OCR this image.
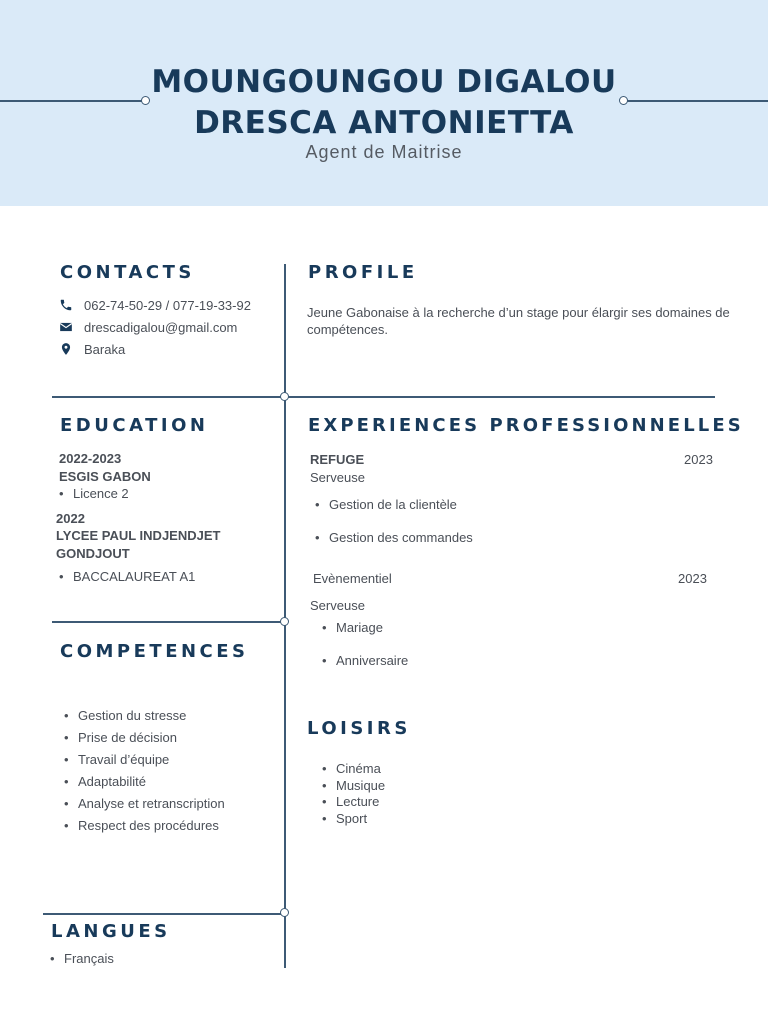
MOUNGOUNGOU DIGALOU
DRESCA ANTONIETTA
Agent de Maitrise
CONTACTS
062-74-50-29 / 077-19-33-92
drescadigalou@gmail.com
Baraka
PROFILE
Jeune Gabonaise à la recherche d’un stage pour élargir ses domaines de
compétences.
EDUCATION
2022-2023
ESGIS GABON
• Licence 2
2022
LYCEE PAUL INDJENDJET
GONDJOUT
• BACCALAUREAT A1
EXPERIENCES PROFESSIONNELLES
REFUGE	2023
Serveuse
• Gestion de la clientèle
• Gestion des commandes
Evènementiel	2023
Serveuse
• Mariage
• Anniversaire
COMPETENCES
• Gestion du stresse
• Prise de décision
• Travail d’équipe
• Adaptabilité
• Analyse et retranscription
• Respect des procédures
LOISIRS
• Cinéma
• Musique
• Lecture
• Sport
LANGUES
• Français
